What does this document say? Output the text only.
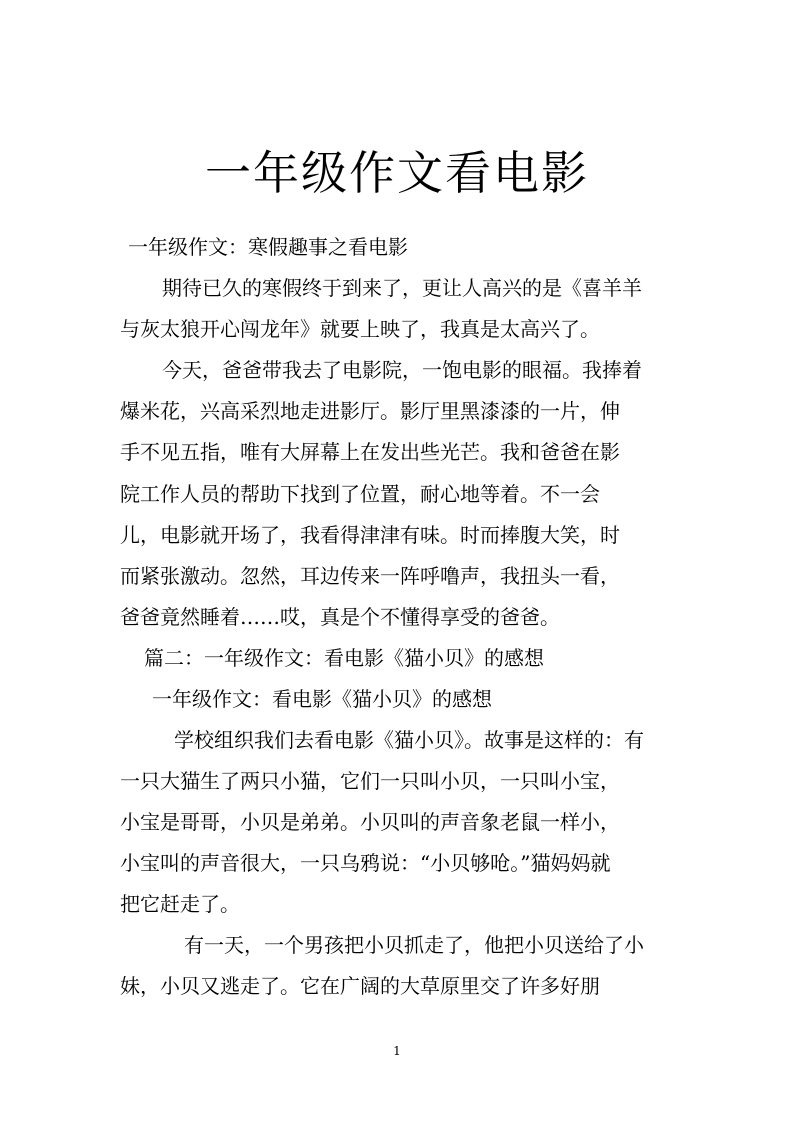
一年级作文看电影
一年级作文：寒假趣事之看电影
期待已久的寒假终于到来了，更让人高兴的是《喜羊羊
与灰太狼开心闯龙年》就要上映了，我真是太高兴了。
今天，爸爸带我去了电影院，一饱电影的眼福。我捧着
爆米花，兴高采烈地走进影厅。影厅里黑漆漆的一片，伸
手不见五指，唯有大屏幕上在发出些光芒。我和爸爸在影
院工作人员的帮助下找到了位置，耐心地等着。不一会
儿，电影就开场了，我看得津津有味。时而捧腹大笑，时
而紧张激动。忽然，耳边传来一阵呼噜声，我扭头一看，
爸爸竟然睡着……哎，真是个不懂得享受的爸爸。
篇二：一年级作文：看电影《猫小贝》的感想
一年级作文：看电影《猫小贝》的感想
学校组织我们去看电影《猫小贝》。故事是这样的：有
一只大猫生了两只小猫，它们一只叫小贝，一只叫小宝，
小宝是哥哥，小贝是弟弟。小贝叫的声音象老鼠一样小，
小宝叫的声音很大，一只乌鸦说：“小贝够呛。”猫妈妈就
把它赶走了。
有一天，一个男孩把小贝抓走了，他把小贝送给了小
妹，小贝又逃走了。它在广阔的大草原里交了许多好朋
1
